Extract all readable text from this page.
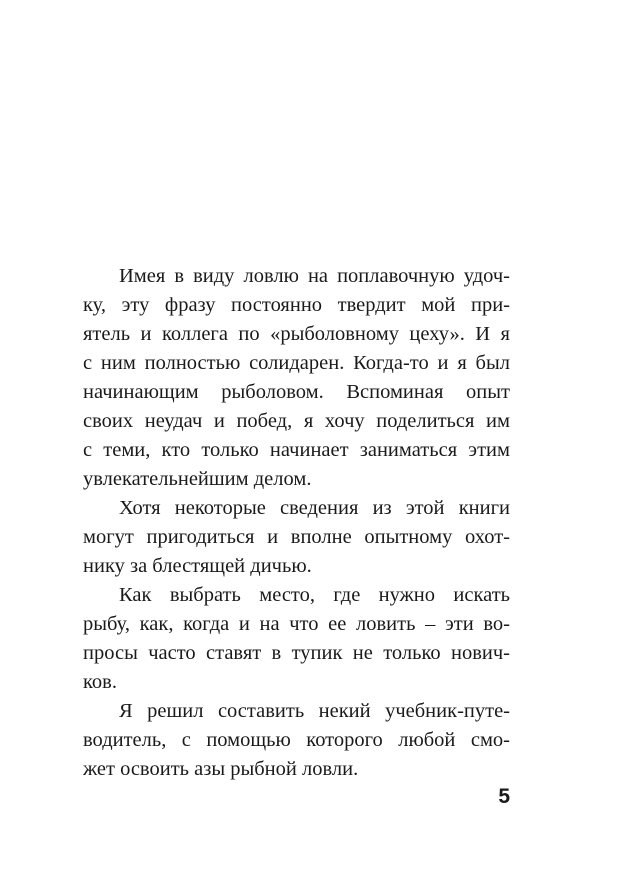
Имея в виду ловлю на поплавочную удоч-
ку, эту фразу постоянно твердит мой при-
ятель и коллега по «рыболовному цеху». И я
с ним полностью солидарен. Когда-то и я был
начинающим рыболовом. Вспоминая опыт
своих неудач и побед, я хочу поделиться им
с теми, кто только начинает заниматься этим
увлекательнейшим делом.
Хотя некоторые сведения из этой книги
могут пригодиться и вполне опытному охот-
нику за блестящей дичью.
Как выбрать место, где нужно искать
рыбу, как, когда и на что ее ловить – эти во-
просы часто ставят в тупик не только нович-
ков.
Я решил составить некий учебник-путе-
водитель, с помощью которого любой смо-
жет освоить азы рыбной ловли.
5
